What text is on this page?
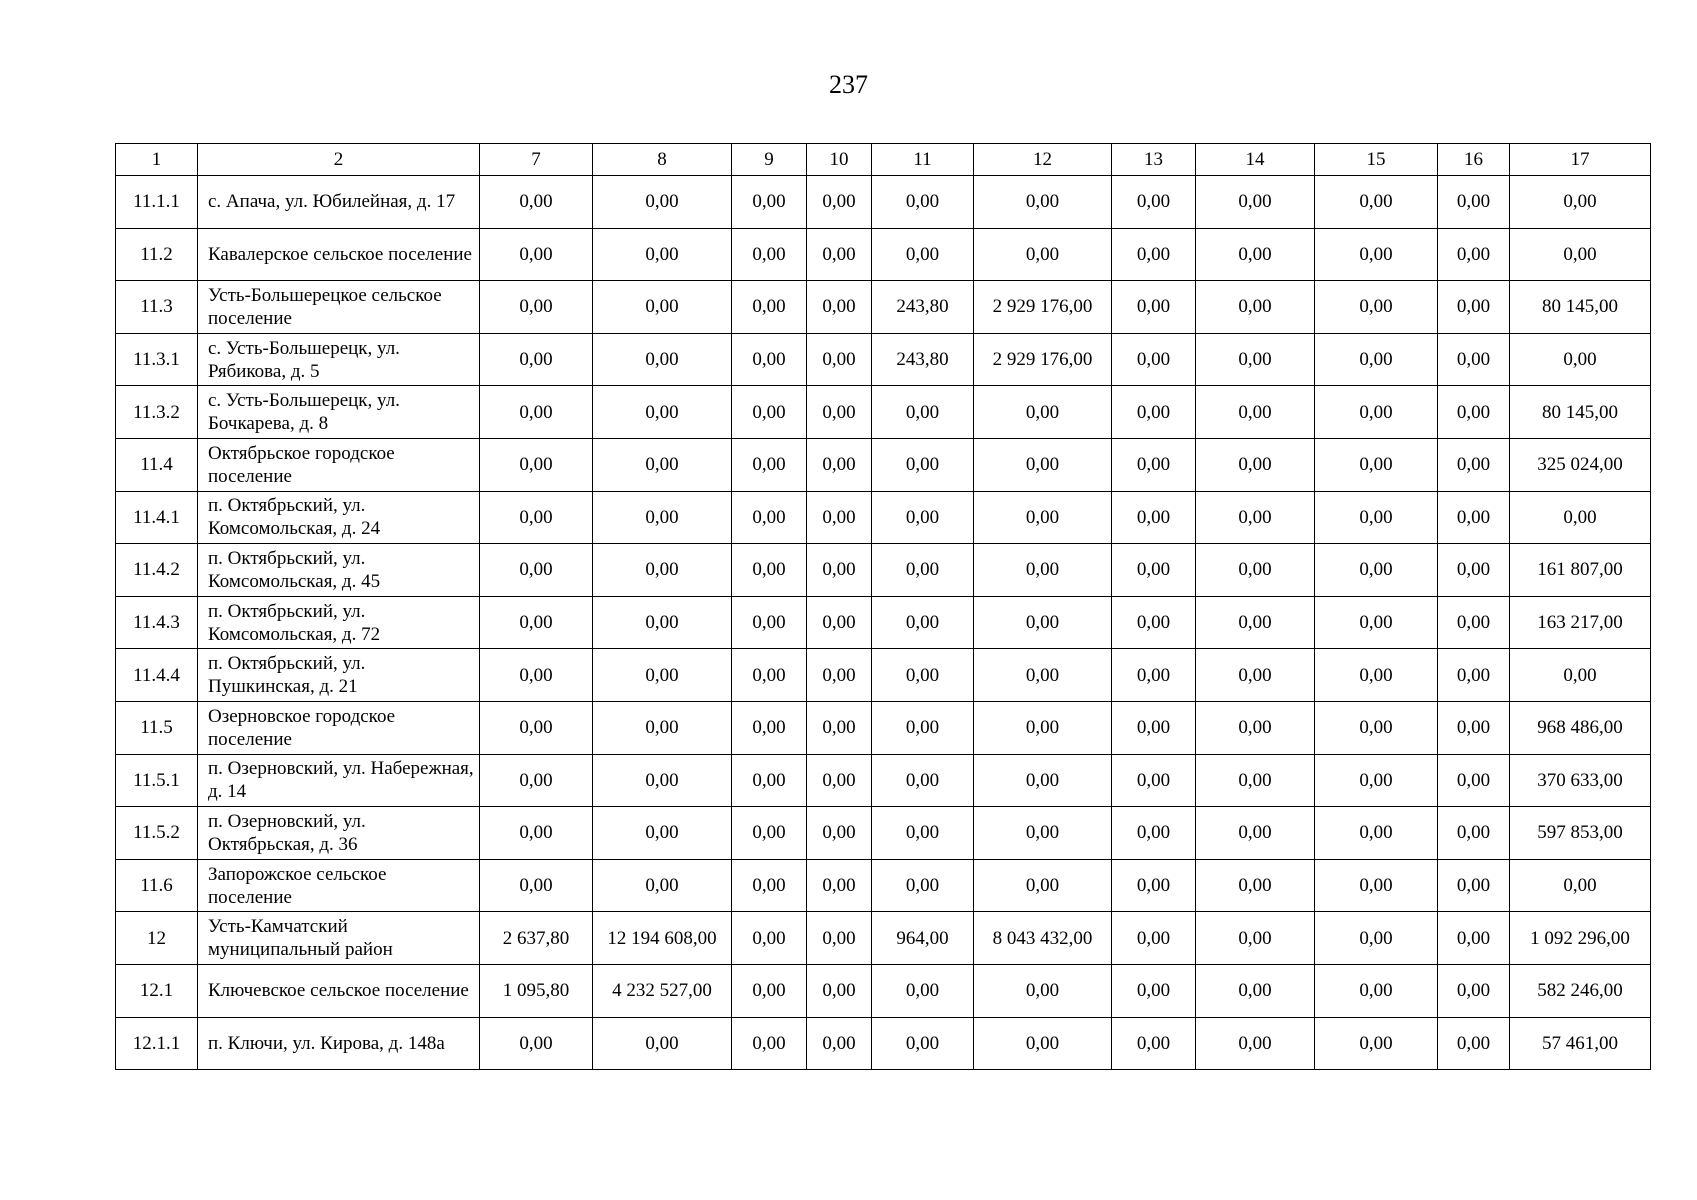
237
1	2	7	8	9	10	11	12	13	14	15	16	17
11.1.1	с. Апача, ул. Юбилейная, д. 17	0,00	0,00	0,00	0,00	0,00	0,00	0,00	0,00	0,00	0,00	0,00
11.2	Кавалерское сельское поселение	0,00	0,00	0,00	0,00	0,00	0,00	0,00	0,00	0,00	0,00	0,00
11.3	Усть-Большерецкое сельское поселение	0,00	0,00	0,00	0,00	243,80	2 929 176,00	0,00	0,00	0,00	0,00	80 145,00
11.3.1	с. Усть-Большерецк, ул. Рябикова, д. 5	0,00	0,00	0,00	0,00	243,80	2 929 176,00	0,00	0,00	0,00	0,00	0,00
11.3.2	с. Усть-Большерецк, ул. Бочкарева, д. 8	0,00	0,00	0,00	0,00	0,00	0,00	0,00	0,00	0,00	0,00	80 145,00
11.4	Октябрьское городское поселение	0,00	0,00	0,00	0,00	0,00	0,00	0,00	0,00	0,00	0,00	325 024,00
11.4.1	п. Октябрьский, ул. Комсомольская, д. 24	0,00	0,00	0,00	0,00	0,00	0,00	0,00	0,00	0,00	0,00	0,00
11.4.2	п. Октябрьский, ул. Комсомольская, д. 45	0,00	0,00	0,00	0,00	0,00	0,00	0,00	0,00	0,00	0,00	161 807,00
11.4.3	п. Октябрьский, ул. Комсомольская, д. 72	0,00	0,00	0,00	0,00	0,00	0,00	0,00	0,00	0,00	0,00	163 217,00
11.4.4	п. Октябрьский, ул. Пушкинская, д. 21	0,00	0,00	0,00	0,00	0,00	0,00	0,00	0,00	0,00	0,00	0,00
11.5	Озерновское городское поселение	0,00	0,00	0,00	0,00	0,00	0,00	0,00	0,00	0,00	0,00	968 486,00
11.5.1	п. Озерновский, ул. Набережная, д. 14	0,00	0,00	0,00	0,00	0,00	0,00	0,00	0,00	0,00	0,00	370 633,00
11.5.2	п. Озерновский, ул. Октябрьская, д. 36	0,00	0,00	0,00	0,00	0,00	0,00	0,00	0,00	0,00	0,00	597 853,00
11.6	Запорожское сельское поселение	0,00	0,00	0,00	0,00	0,00	0,00	0,00	0,00	0,00	0,00	0,00
12	Усть-Камчатский муниципальный район	2 637,80	12 194 608,00	0,00	0,00	964,00	8 043 432,00	0,00	0,00	0,00	0,00	1 092 296,00
12.1	Ключевское сельское поселение	1 095,80	4 232 527,00	0,00	0,00	0,00	0,00	0,00	0,00	0,00	0,00	582 246,00
12.1.1	п. Ключи, ул. Кирова, д. 148а	0,00	0,00	0,00	0,00	0,00	0,00	0,00	0,00	0,00	0,00	57 461,00
